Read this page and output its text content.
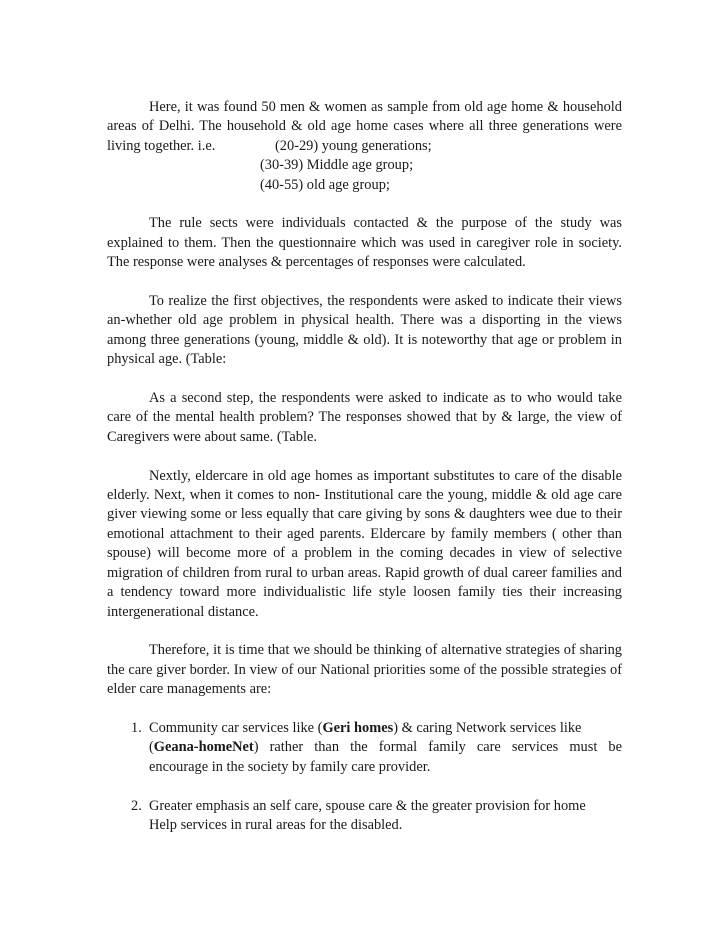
Here, it was found 50 men & women as sample from old age home & household
areas of Delhi. The household & old age home cases where all three generations were
living together. i.e.	(20-29) young generations;
(30-39) Middle age group;
(40-55) old age group;
The rule sects were individuals contacted & the purpose of the study was
explained to them. Then the questionnaire which was used in caregiver role in society.
The response were analyses & percentages of responses were calculated.
To realize the first objectives, the respondents were asked to indicate their views
an-whether old age problem in physical health. There was a disporting in the views
among three generations (young, middle & old). It is noteworthy that age or problem in
physical age. (Table:
As a second step, the respondents were asked to indicate as to who would take
care of the mental health problem? The responses showed that by & large, the view of
Caregivers were about same. (Table.
Nextly, eldercare in old age homes as important substitutes to care of the disable
elderly. Next, when it comes to non- Institutional care the young, middle & old age care
giver viewing some or less equally that care giving by sons & daughters wee due to their
emotional attachment to their aged parents. Eldercare by family members ( other than
spouse) will become more of a problem in the coming decades in view of selective
migration of children from rural to urban areas. Rapid growth of dual career families and
a tendency toward more individualistic life style loosen family ties their increasing
intergenerational distance.
Therefore, it is time that we should be thinking of alternative strategies of sharing
the care giver border. In view of our National priorities some of the possible strategies of
elder care managements are:
1. Community car services like (Geri homes) & caring Network services like
(Geana-homeNet) rather than the formal family care services must be
encourage in the society by family care provider.
2. Greater emphasis an self care, spouse care & the greater provision for home
Help services in rural areas for the disabled.
